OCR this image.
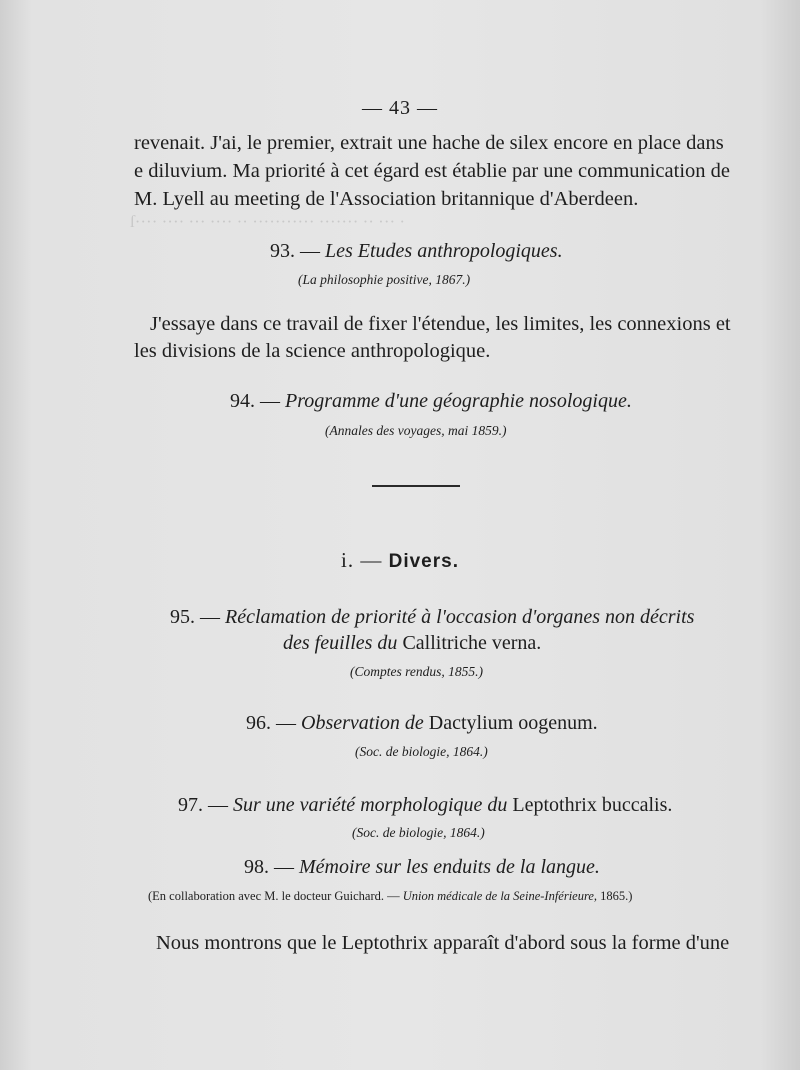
— 43 —
revenait. J'ai, le premier, extrait une hache de silex encore en place dans
e diluvium. Ma priorité à cet égard est établie par une communication de
M. Lyell au meeting de l'Association britannique d'Aberdeen.
ſ···· ···· ··· ···· ·· ··········· ······· ·· ··· ·
93. — Les Etudes anthropologiques.
(La philosophie positive, 1867.)
J'essaye dans ce travail de fixer l'étendue, les limites, les connexions et
les divisions de la science anthropologique.
94. — Programme d'une géographie nosologique.
(Annales des voyages, mai 1859.)
i. — Divers.
95. — Réclamation de priorité à l'occasion d'organes non décrits
des feuilles du Callitriche verna.
(Comptes rendus, 1855.)
96. — Observation de Dactylium oogenum.
(Soc. de biologie, 1864.)
97. — Sur une variété morphologique du Leptothrix buccalis.
(Soc. de biologie, 1864.)
98. — Mémoire sur les enduits de la langue.
(En collaboration avec M. le docteur Guichard. — Union médicale de la Seine-Inférieure, 1865.)
Nous montrons que le Leptothrix apparaît d'abord sous la forme d'une
